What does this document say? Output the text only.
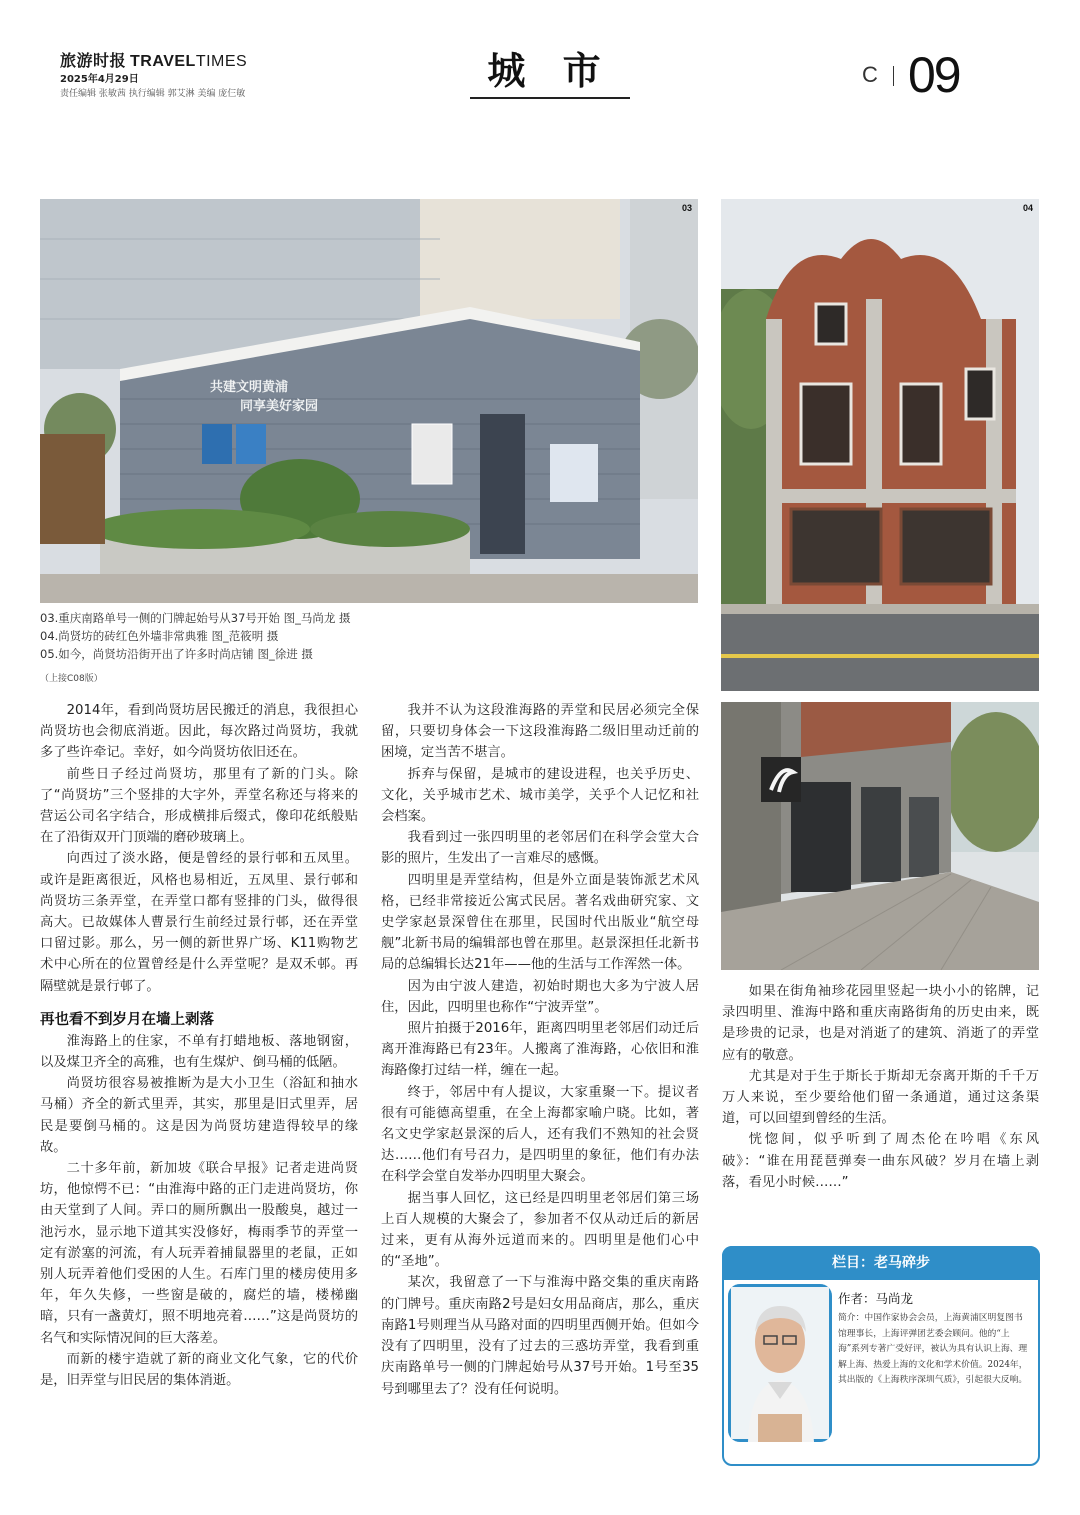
旅游时报 TRAVELTIMES
2025年4月29日
责任编辑 张敏茜 执行编辑 郭艾淋 美编 庞仨敏
城 市	C 09
共建文明黄浦
同享美好家园
03	04
03.重庆南路单号一侧的门牌起始号从37号开始 图_马尚龙 摄
04.尚贤坊的砖红色外墙非常典雅 图_范筱明 摄
05.如今，尚贤坊沿街开出了许多时尚店铺 图_徐进 摄
（上接C08版）

2014年，看到尚贤坊居民搬迁的消息，我很担心尚贤坊也会彻底消逝。因此，每次路过尚贤坊，我就多了些许牵记。幸好，如今尚贤坊依旧还在。

前些日子经过尚贤坊，那里有了新的门头。除了“尚贤坊”三个竖排的大字外，弄堂名称还与将来的营运公司名字结合，形成横排后缀式，像印花纸般贴在了沿街双开门顶端的磨砂玻璃上。

向西过了淡水路，便是曾经的景行邨和五凤里。或许是距离很近，风格也易相近，五凤里、景行邨和尚贤坊三条弄堂，在弄堂口都有竖排的门头，做得很高大。已故媒体人曹景行生前经过景行邨，还在弄堂口留过影。那么，另一侧的新世界广场、K11购物艺术中心所在的位置曾经是什么弄堂呢？是双禾邨。再隔壁就是景行邨了。

再也看不到岁月在墙上剥落

淮海路上的住家，不单有打蜡地板、落地钢窗，以及煤卫齐全的高雅，也有生煤炉、倒马桶的低陋。

尚贤坊很容易被推断为是大小卫生（浴缸和抽水马桶）齐全的新式里弄，其实，那里是旧式里弄，居民是要倒马桶的。这是因为尚贤坊建造得较早的缘故。

二十多年前，新加坡《联合早报》记者走进尚贤坊，他惊愕不已：“由淮海中路的正门走进尚贤坊，你由天堂到了人间。弄口的厕所飘出一股酸臭，越过一池污水，显示地下道其实没修好，梅雨季节的弄堂一定有淤塞的河流，有人玩弄着捕鼠器里的老鼠，正如别人玩弄着他们受困的人生。石库门里的楼房使用多年，年久失修，一些窗是破的，腐烂的墙，楼梯幽暗，只有一盏黄灯，照不明地亮着……”这是尚贤坊的名气和实际情况间的巨大落差。

而新的楼宇造就了新的商业文化气象，它的代价是，旧弄堂与旧民居的集体消逝。

我并不认为这段淮海路的弄堂和民居必须完全保留，只要切身体会一下这段淮海路二级旧里动迁前的困境，定当苦不堪言。

拆弃与保留，是城市的建设进程，也关乎历史、文化，关乎城市艺术、城市美学，关乎个人记忆和社会档案。

我看到过一张四明里的老邻居们在科学会堂大合影的照片，生发出了一言难尽的感慨。

四明里是弄堂结构，但是外立面是装饰派艺术风格，已经非常接近公寓式民居。著名戏曲研究家、文史学家赵景深曾住在那里，民国时代出版业“航空母舰”北新书局的编辑部也曾在那里。赵景深担任北新书局的总编辑长达21年——他的生活与工作浑然一体。

因为由宁波人建造，初始时期也大多为宁波人居住，因此，四明里也称作“宁波弄堂”。

照片拍摄于2016年，距离四明里老邻居们动迁后离开淮海路已有23年。人搬离了淮海路，心依旧和淮海路像打过结一样，缠在一起。

终于，邻居中有人提议，大家重聚一下。提议者很有可能德高望重，在全上海都家喻户晓。比如，著名文史学家赵景深的后人，还有我们不熟知的社会贤达……他们有号召力，是四明里的象征，他们有办法在科学会堂自发举办四明里大聚会。

据当事人回忆，这已经是四明里老邻居们第三场上百人规模的大聚会了，参加者不仅从动迁后的新居过来，更有从海外远道而来的。四明里是他们心中的“圣地”。

某次，我留意了一下与淮海中路交集的重庆南路的门牌号。重庆南路2号是妇女用品商店，那么，重庆南路1号则理当从马路对面的四明里西侧开始。但如今没有了四明里，没有了过去的三惑坊弄堂，我看到重庆南路单号一侧的门牌起始号从37号开始。1号至35号到哪里去了？没有任何说明。

如果在街角袖珍花园里竖起一块小小的铭牌，记录四明里、淮海中路和重庆南路街角的历史由来，既是珍贵的记录，也是对消逝了的建筑、消逝了的弄堂应有的敬意。

尤其是对于生于斯长于斯却无奈离开斯的千千万万人来说，至少要给他们留一条通道，通过这条渠道，可以回望到曾经的生活。

恍惚间，似乎听到了周杰伦在吟唱《东风破》：“谁在用琵琶弹奏一曲东风破？岁月在墙上剥落，看见小时候……”

栏目：老马碎步
作者：马尚龙
简介：中国作家协会会员，上海黄浦区明复图书馆理事长，上海评弹团艺委会顾问。他的“上海”系列专著广受好评，被认为具有认识上海、理解上海、热爱上海的文化和学术价值。2024年，其出版的《上海秩序深圳气质》，引起很大反响。
